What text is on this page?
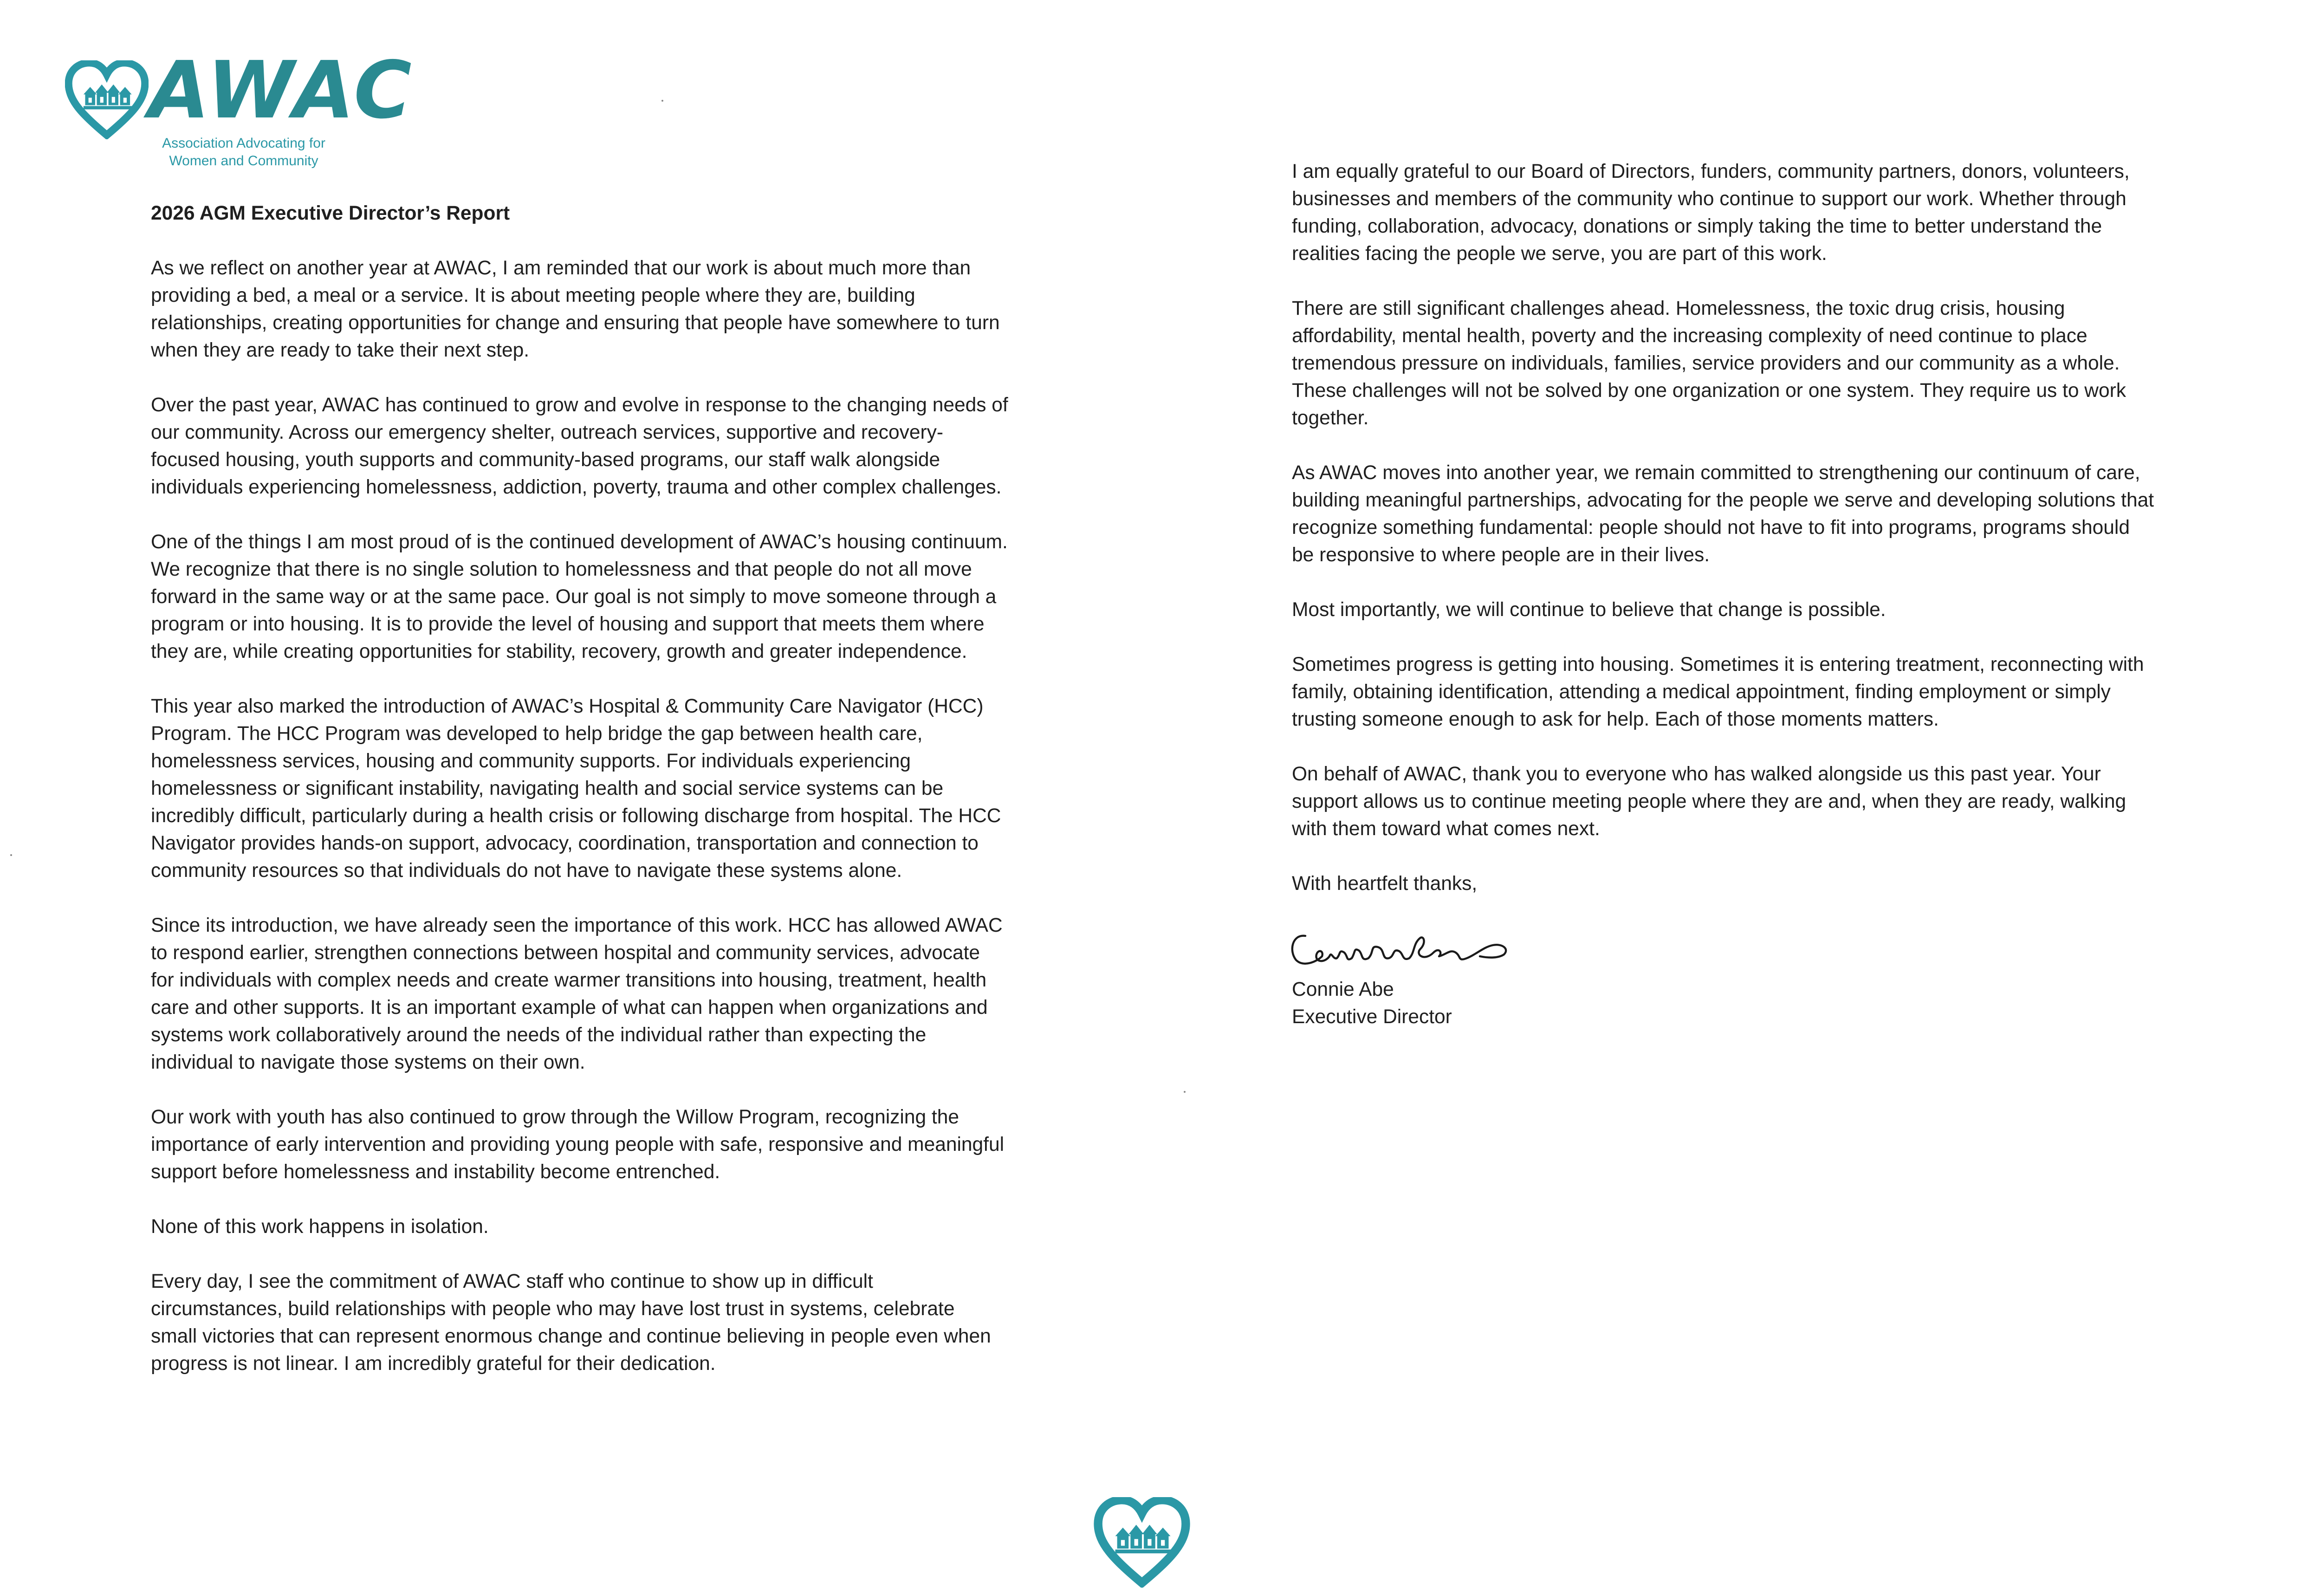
AWAC
Association Advocating for
Women and Community
2026 AGM Executive Director’s Report

As we reflect on another year at AWAC, I am reminded that our work is about much more than
providing a bed, a meal or a service. It is about meeting people where they are, building
relationships, creating opportunities for change and ensuring that people have somewhere to turn
when they are ready to take their next step.

Over the past year, AWAC has continued to grow and evolve in response to the changing needs of
our community. Across our emergency shelter, outreach services, supportive and recovery-
focused housing, youth supports and community-based programs, our staff walk alongside
individuals experiencing homelessness, addiction, poverty, trauma and other complex challenges.

One of the things I am most proud of is the continued development of AWAC’s housing continuum.
We recognize that there is no single solution to homelessness and that people do not all move
forward in the same way or at the same pace. Our goal is not simply to move someone through a
program or into housing. It is to provide the level of housing and support that meets them where
they are, while creating opportunities for stability, recovery, growth and greater independence.

This year also marked the introduction of AWAC’s Hospital & Community Care Navigator (HCC)
Program. The HCC Program was developed to help bridge the gap between health care,
homelessness services, housing and community supports. For individuals experiencing
homelessness or significant instability, navigating health and social service systems can be
incredibly difficult, particularly during a health crisis or following discharge from hospital. The HCC
Navigator provides hands-on support, advocacy, coordination, transportation and connection to
community resources so that individuals do not have to navigate these systems alone.

Since its introduction, we have already seen the importance of this work. HCC has allowed AWAC
to respond earlier, strengthen connections between hospital and community services, advocate
for individuals with complex needs and create warmer transitions into housing, treatment, health
care and other supports. It is an important example of what can happen when organizations and
systems work collaboratively around the needs of the individual rather than expecting the
individual to navigate those systems on their own.

Our work with youth has also continued to grow through the Willow Program, recognizing the
importance of early intervention and providing young people with safe, responsive and meaningful
support before homelessness and instability become entrenched.

None of this work happens in isolation.

Every day, I see the commitment of AWAC staff who continue to show up in difficult
circumstances, build relationships with people who may have lost trust in systems, celebrate
small victories that can represent enormous change and continue believing in people even when
progress is not linear. I am incredibly grateful for their dedication.

I am equally grateful to our Board of Directors, funders, community partners, donors, volunteers,
businesses and members of the community who continue to support our work. Whether through
funding, collaboration, advocacy, donations or simply taking the time to better understand the
realities facing the people we serve, you are part of this work.

There are still significant challenges ahead. Homelessness, the toxic drug crisis, housing
affordability, mental health, poverty and the increasing complexity of need continue to place
tremendous pressure on individuals, families, service providers and our community as a whole.
These challenges will not be solved by one organization or one system. They require us to work
together.

As AWAC moves into another year, we remain committed to strengthening our continuum of care,
building meaningful partnerships, advocating for the people we serve and developing solutions that
recognize something fundamental: people should not have to fit into programs, programs should
be responsive to where people are in their lives.

Most importantly, we will continue to believe that change is possible.

Sometimes progress is getting into housing. Sometimes it is entering treatment, reconnecting with
family, obtaining identification, attending a medical appointment, finding employment or simply
trusting someone enough to ask for help. Each of those moments matters.

On behalf of AWAC, thank you to everyone who has walked alongside us this past year. Your
support allows us to continue meeting people where they are and, when they are ready, walking
with them toward what comes next.

With heartfelt thanks,

Connie Abe
Executive Director
